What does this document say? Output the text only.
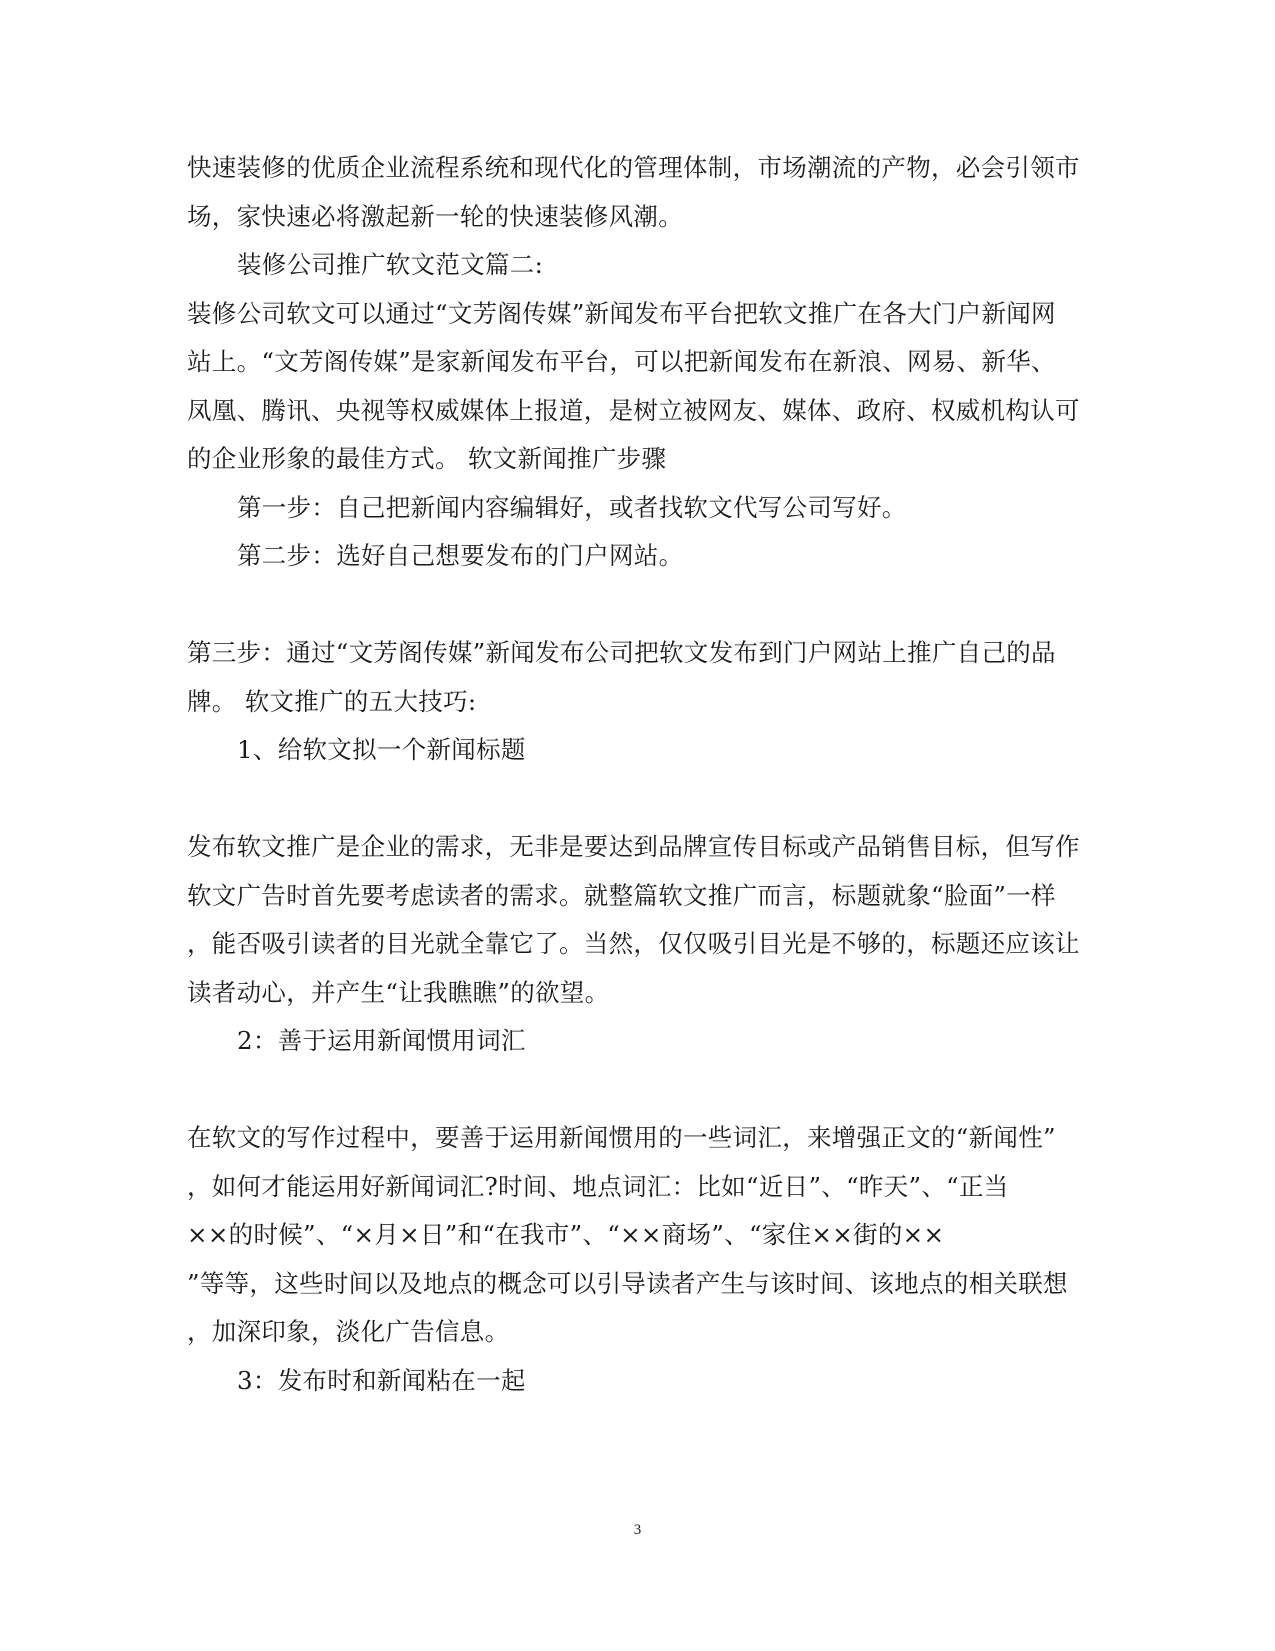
快速装修的优质企业流程系统和现代化的管理体制，市场潮流的产物，必会引领市
场，家快速必将激起新一轮的快速装修风潮。
装修公司推广软文范文篇二:
装修公司软文可以通过“文芳阁传媒”新闻发布平台把软文推广在各大门户新闻网
站上。“文芳阁传媒”是家新闻发布平台，可以把新闻发布在新浪、网易、新华、
凤凰、腾讯、央视等权威媒体上报道，是树立被网友、媒体、政府、权威机构认可
的企业形象的最佳方式。 软文新闻推广步骤
第一步：自己把新闻内容编辑好，或者找软文代写公司写好。
第二步：选好自己想要发布的门户网站。
第三步：通过“文芳阁传媒”新闻发布公司把软文发布到门户网站上推广自己的品
牌。 软文推广的五大技巧:
1、给软文拟一个新闻标题
发布软文推广是企业的需求，无非是要达到品牌宣传目标或产品销售目标，但写作
软文广告时首先要考虑读者的需求。就整篇软文推广而言，标题就象“脸面”一样
，能否吸引读者的目光就全靠它了。当然，仅仅吸引目光是不够的，标题还应该让
读者动心，并产生“让我瞧瞧”的欲望。
2：善于运用新闻惯用词汇
在软文的写作过程中，要善于运用新闻惯用的一些词汇，来增强正文的“新闻性”
，如何才能运用好新闻词汇?时间、地点词汇：比如“近日”、“昨天”、“正当
××的时候”、“×月×日”和“在我市”、“××商场”、“家住××街的××
”等等，这些时间以及地点的概念可以引导读者产生与该时间、该地点的相关联想
，加深印象，淡化广告信息。
3：发布时和新闻粘在一起
3
